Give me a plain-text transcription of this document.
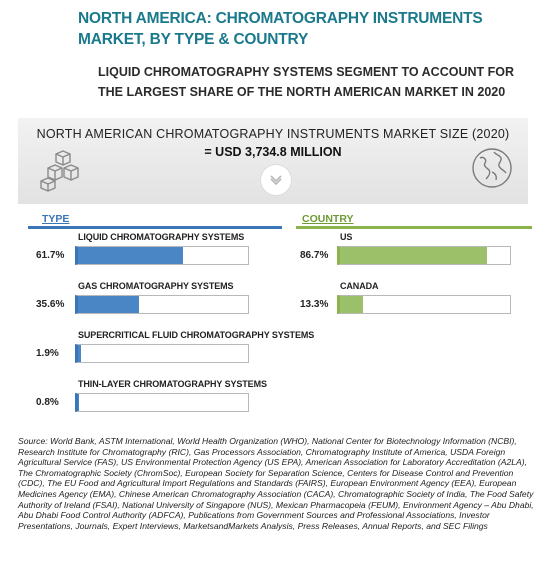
NORTH AMERICA: CHROMATOGRAPHY INSTRUMENTS MARKET, BY TYPE & COUNTRY
LIQUID CHROMATOGRAPHY SYSTEMS SEGMENT TO ACCOUNT FOR THE LARGEST SHARE OF THE NORTH AMERICAN MARKET IN 2020
NORTH AMERICAN CHROMATOGRAPHY INSTRUMENTS MARKET SIZE (2020)
= USD 3,734.8 MILLION
TYPE	COUNTRY
LIQUID CHROMATOGRAPHY SYSTEMS
61.7%
GAS CHROMATOGRAPHY SYSTEMS
35.6%
SUPERCRITICAL FLUID CHROMATOGRAPHY SYSTEMS
1.9%
THIN-LAYER CHROMATOGRAPHY SYSTEMS
0.8%
US
86.7%
CANADA
13.3%
Source: World Bank, ASTM International, World Health Organization (WHO), National Center for Biotechnology Information (NCBI), Research Institute for Chromatography (RIC), Gas Processors Association, Chromatography Institute of America, USDA Foreign Agricultural Service (FAS), US Environmental Protection Agency (US EPA), American Association for Laboratory Accreditation (A2LA), The Chromatographic Society (ChromSoc), European Society for Separation Science, Centers for Disease Control and Prevention (CDC), The EU Food and Agricultural Import Regulations and Standards (FAIRS), European Environment Agency (EEA), European Medicines Agency (EMA), Chinese American Chromatography Association (CACA), Chromatographic Society of India, The Food Safety Authority of Ireland (FSAI), National University of Singapore (NUS), Mexican Pharmacopeia (FEUM), Environment Agency – Abu Dhabi, Abu Dhabi Food Control Authority (ADFCA), Publications from Government Sources and Professional Associations, Investor Presentations, Journals, Expert Interviews, MarketsandMarkets Analysis, Press Releases, Annual Reports, and SEC Filings
